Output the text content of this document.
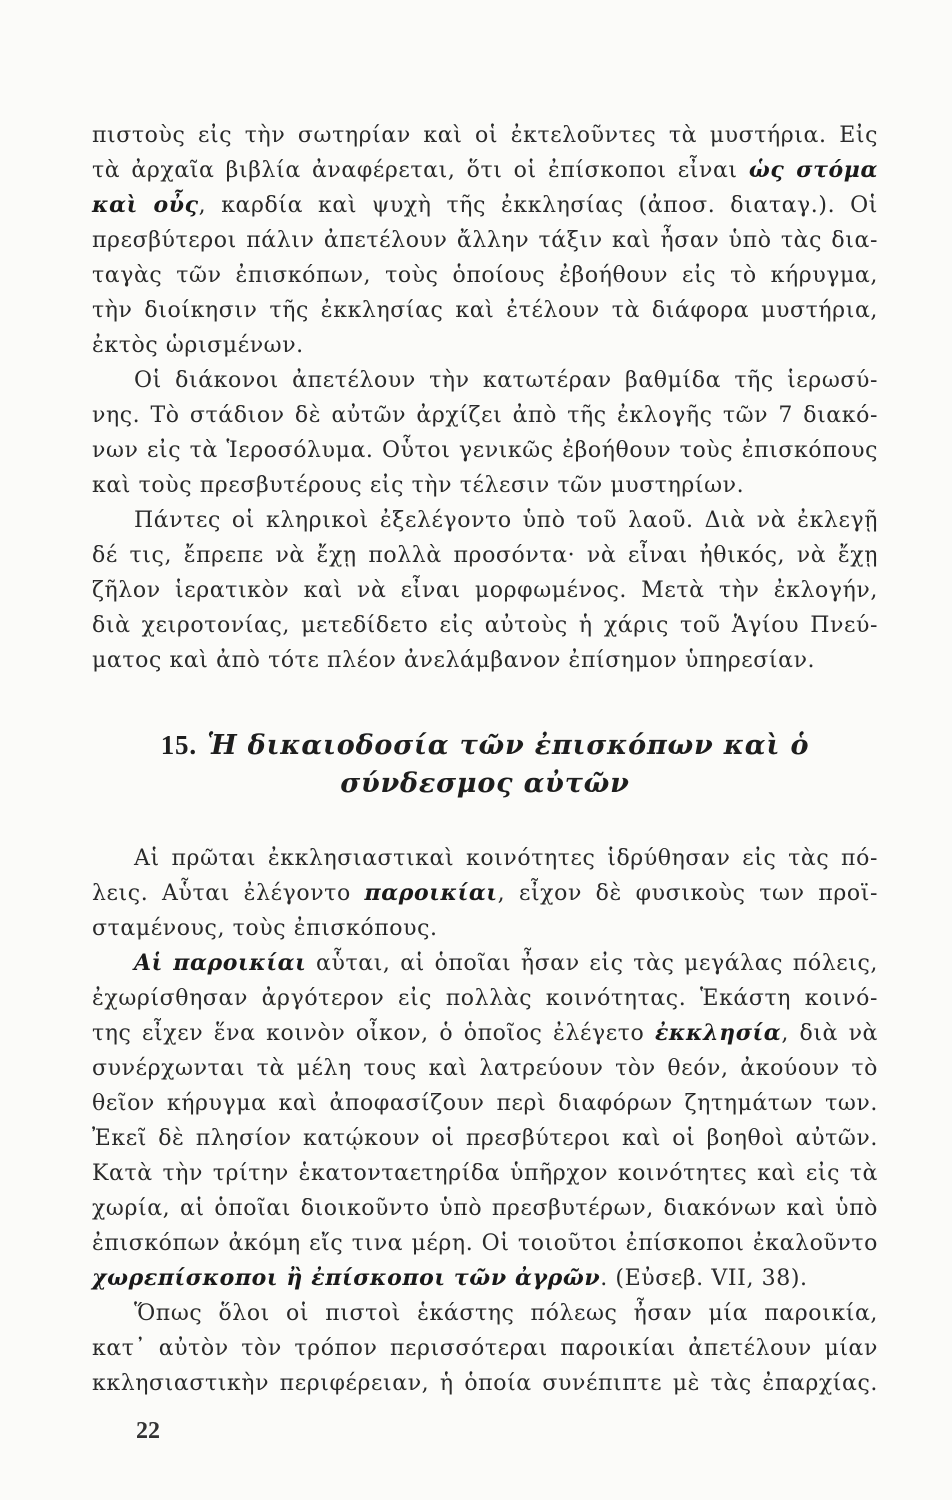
πιστοὺς εἰς τὴν σωτηρίαν καὶ οἱ ἐκτελοῦντες τὰ μυστήρια. Εἰς
τὰ ἀρχαῖα βιβλία ἀναφέρεται, ὅτι οἱ ἐπίσκοποι εἶναι ὡς στόμα
καὶ οὖς, καρδία καὶ ψυχὴ τῆς ἐκκλησίας (ἀποσ. διαταγ.). Οἱ
πρεσβύτεροι πάλιν ἀπετέλουν ἄλλην τάξιν καὶ ἦσαν ὑπὸ τὰς δια-
ταγὰς τῶν ἐπισκόπων, τοὺς ὁποίους ἐβοήθουν εἰς τὸ κήρυγμα,
τὴν διοίκησιν τῆς ἐκκλησίας καὶ ἐτέλουν τὰ διάφορα μυστήρια,
ἐκτὸς ὡρισμένων.
Οἱ διάκονοι ἀπετέλουν τὴν κατωτέραν βαθμίδα τῆς ἱερωσύ-
νης. Τὸ στάδιον δὲ αὐτῶν ἀρχίζει ἀπὸ τῆς ἐκλογῆς τῶν 7 διακό-
νων εἰς τὰ Ἱεροσόλυμα. Οὗτοι γενικῶς ἐβοήθουν τοὺς ἐπισκόπους
καὶ τοὺς πρεσβυτέρους εἰς τὴν τέλεσιν τῶν μυστηρίων.
Πάντες οἱ κληρικοὶ ἐξελέγοντο ὑπὸ τοῦ λαοῦ. Διὰ νὰ ἐκλεγῇ
δέ τις, ἔπρεπε νὰ ἔχῃ πολλὰ προσόντα· νὰ εἶναι ἠθικός, νὰ ἔχῃ
ζῆλον ἱερατικὸν καὶ νὰ εἶναι μορφωμένος. Μετὰ τὴν ἐκλογήν,
διὰ χειροτονίας, μετεδίδετο εἰς αὐτοὺς ἡ χάρις τοῦ Ἁγίου Πνεύ-
ματος καὶ ἀπὸ τότε πλέον ἀνελάμβανον ἐπίσημον ὑπηρεσίαν.
15. Ἡ δικαιοδοσία τῶν ἐπισκόπων καὶ ὁ
σύνδεσμος αὐτῶν
Αἱ πρῶται ἐκκλησιαστικαὶ κοινότητες ἱδρύθησαν εἰς τὰς πό-
λεις. Αὗται ἐλέγοντο παροικίαι, εἶχον δὲ φυσικοὺς των προϊ-
σταμένους, τοὺς ἐπισκόπους.
Αἱ παροικίαι αὗται, αἱ ὁποῖαι ἦσαν εἰς τὰς μεγάλας πόλεις,
ἐχωρίσθησαν ἀργότερον εἰς πολλὰς κοινότητας. Ἑκάστη κοινό-
της εἶχεν ἕνα κοινὸν οἶκον, ὁ ὁποῖος ἐλέγετο ἐκκλησία, διὰ νὰ
συνέρχωνται τὰ μέλη τους καὶ λατρεύουν τὸν θεόν, ἀκούουν τὸ
θεῖον κήρυγμα καὶ ἀποφασίζουν περὶ διαφόρων ζητημάτων των.
Ἐκεῖ δὲ πλησίον κατῴκουν οἱ πρεσβύτεροι καὶ οἱ βοηθοὶ αὐτῶν.
Κατὰ τὴν τρίτην ἑκατονταετηρίδα ὑπῆρχον κοινότητες καὶ εἰς τὰ
χωρία, αἱ ὁποῖαι διοικοῦντο ὑπὸ πρεσβυτέρων, διακόνων καὶ ὑπὸ
ἐπισκόπων ἀκόμη εἴς τινα μέρη. Οἱ τοιοῦτοι ἐπίσκοποι ἐκαλοῦντο
χωρεπίσκοποι ἢ ἐπίσκοποι τῶν ἀγρῶν. (Εὐσεβ. VII, 38).
Ὅπως ὅλοι οἱ πιστοὶ ἑκάστης πόλεως ἦσαν μία παροικία,
κατ᾽ αὐτὸν τὸν τρόπον περισσότεραι παροικίαι ἀπετέλουν μίαν
κκλησιαστικὴν περιφέρειαν, ἡ ὁποία συνέπιπτε μὲ τὰς ἐπαρχίας.
22
